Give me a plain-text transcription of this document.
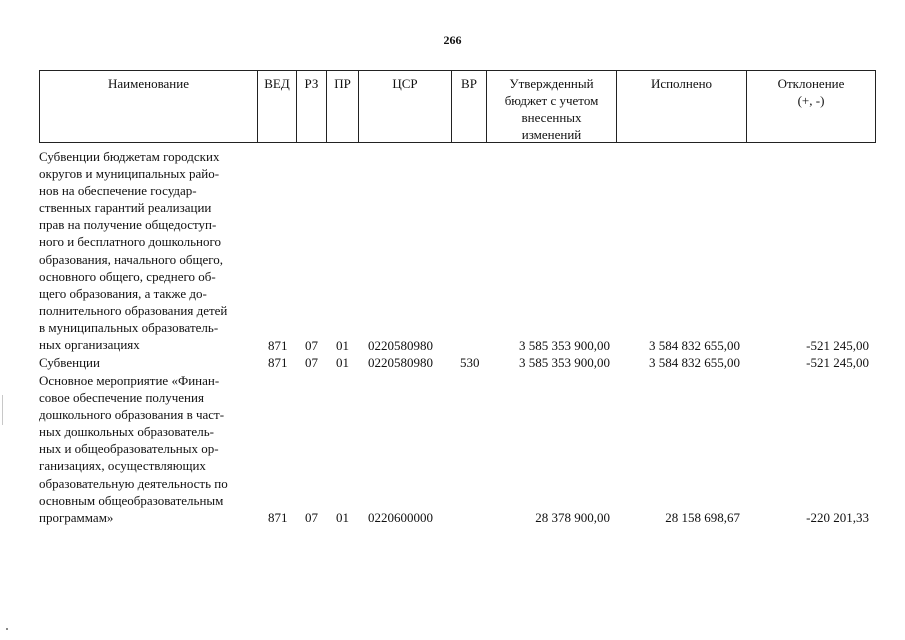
266
Наименование	ВЕД	РЗ	ПР	ЦСР	ВР	Утвержденный
бюджет с учетом
внесенных
изменений
Исполнено	Отклонение
(+, -)
Субвенции бюджетам городских
округов и муниципальных райо-
нов на обеспечение государ-
ственных гарантий реализации
прав на получение общедоступ-
ного и бесплатного дошкольного
образования, начального общего,
основного общего, среднего об-
щего образования, а также до-
полнительного образования детей
в муниципальных образователь-
ных организациях	871 07 01 0220580980	3 585 353 900,00	3 584 832 655,00	-521 245,00
Субвенции	871 07 01 0220580980 530	3 585 353 900,00	3 584 832 655,00	-521 245,00
Основное мероприятие «Финан-
совое обеспечение получения
дошкольного образования в част-
ных дошкольных образователь-
ных и общеобразовательных ор-
ганизациях, осуществляющих
образовательную деятельность по
основным общеобразовательным
программам»	871 07 01 0220600000	28 378 900,00	28 158 698,67	-220 201,33
